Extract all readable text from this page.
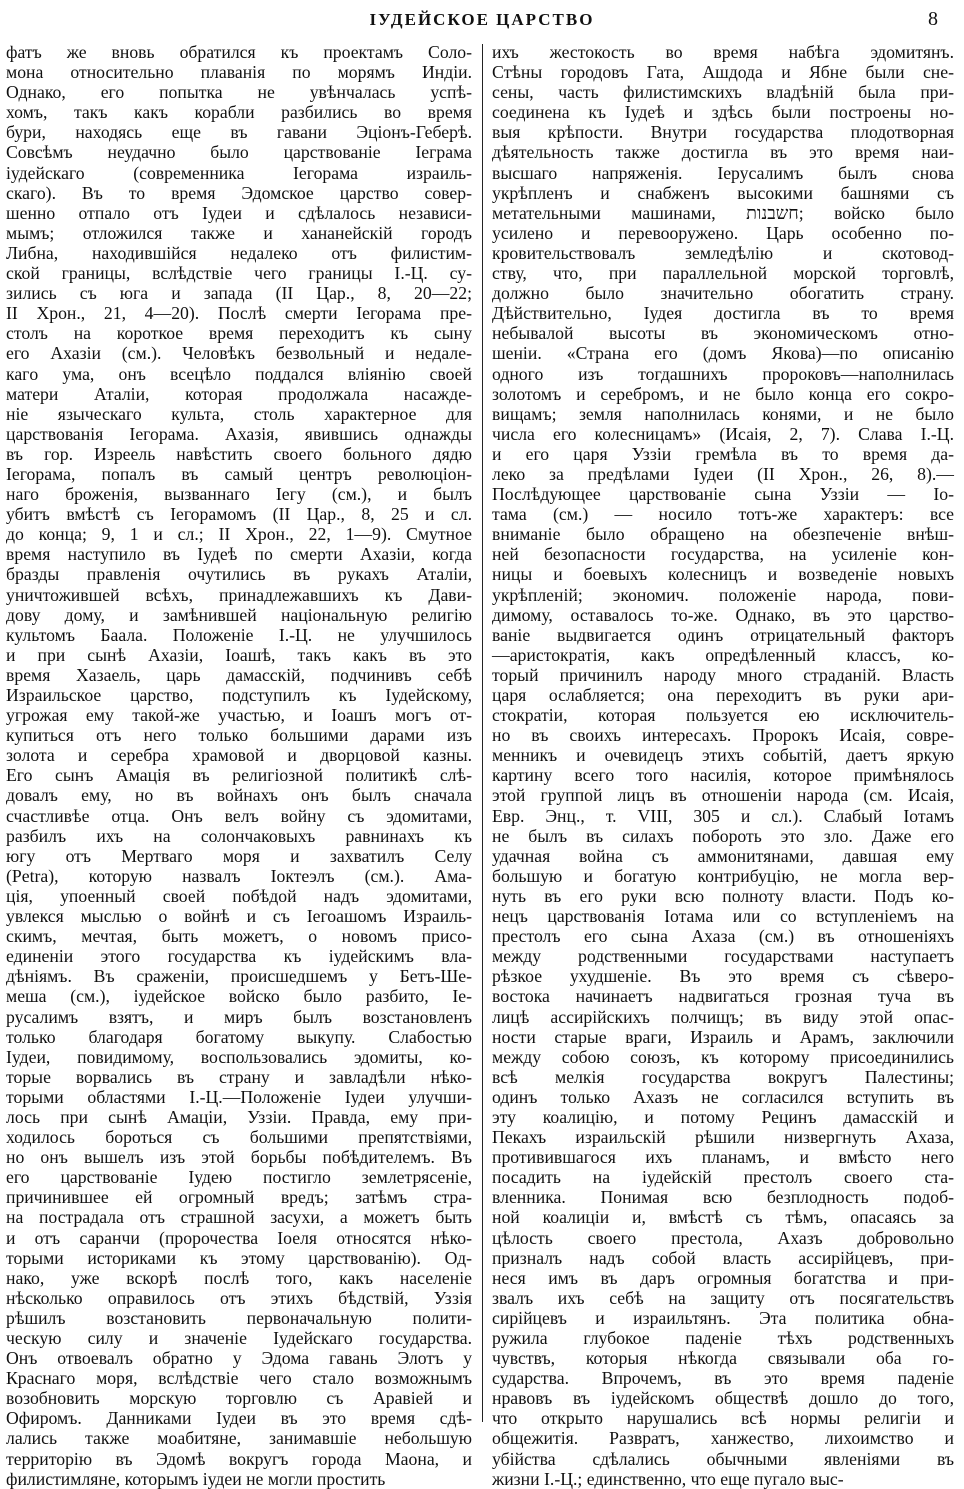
ІУДЕЙСКОЕ ЦАРСТВО	8
фатъ же вновь обратился къ проектамъ Соло-
мона относительно плаванія по морямъ Индіи.
Однако, его попытка не увѣнчалась успѣ-
хомъ, такъ какъ корабли разбились во время
бури, находясь еще въ гавани Эціонъ-Геберѣ.
Совсѣмъ неудачно было царствованіе Іеграма
іудейскаго (современника Іегорама израиль-
скаго). Въ то время Эдомское царство совер-
шенно отпало отъ Іудеи и сдѣлалось независи-
мымъ; отложился также и хананейскій городъ
Либна, находившійся недалеко отъ филистим-
ской границы, вслѣдствіе чего границы І.-Ц. су-
зились съ юга и запада (II Цар., 8, 20—22;
II Хрон., 21, 4—20). Послѣ смерти Іегорама пре-
столъ на короткое время переходитъ къ сыну
его Ахазіи (см.). Человѣкъ безвольный и недале-
кагo ума, онъ всецѣло поддался вліянію своей
матери Аталіи, которая продолжала насажде-
ніе языческаго культа, столь характерное для
царствованія Іегорама. Ахазія, явившись однажды
въ гор. Изреель навѣстить своего больного дядю
Іегорама, попалъ въ самый центръ революціон-
наго броженія, вызваннаго Іегу (см.), и былъ
убитъ вмѣстѣ съ Іегорамомъ (II Цар., 8, 25 и сл.
до конца; 9, 1 и сл.; II Хрон., 22, 1—9). Смутное
время наступило въ Іудеѣ по смерти Ахазіи, когда
бразды правленія очутились въ рукахъ Аталіи,
уничтожившей всѣхъ, принадлежавшихъ къ Дави-
дову дому, и замѣнившей національную религію
культомъ Баала. Положеніе І.-Ц. не улучшилось
и при сынѣ Ахазіи, Іоашѣ, такъ какъ въ это
время Хазаель, царь дамасскій, подчинивъ себѣ
Израильское царство, подступилъ къ Іудейскому,
угрожая ему такой-же участью, и Іоашъ могъ от-
купиться отъ него только большими дарами изъ
золота и серебра храмовой и дворцовой казны.
Его сынъ Амація въ религіозной политикѣ слѣ-
довалъ ему, но въ войнахъ онъ былъ сначала
счастливѣе отца. Онъ велъ войну съ эдомитами,
разбилъ ихъ на солончаковыхъ равнинахъ къ
югу отъ Мертваго моря и захватилъ Селу
(Petra), которую назвалъ Іоктеэлъ (см.). Ама-
ція, упоенный своей побѣдой надъ эдомитами,
увлекся мыслью о войнѣ и съ Іегоашомъ Израиль-
скимъ, мечтая, быть можетъ, о новомъ присо-
единеніи этого государства къ іудейскимъ вла-
дѣніямъ. Въ сраженіи, происшедшемъ у Бетъ-Ше-
меша (см.), іудейское войско было разбито, Іе-
русалимъ взятъ, и миръ былъ возстановленъ
только благодаря богатому выкупу. Слабостью
Іудеи, повидимому, воспользовались эдомиты, ко-
торые ворвались въ страну и завладѣли нѣко-
торыми областями І.-Ц.—Положеніе Іудеи улучши-
лось при сынѣ Амаціи, Уззіи. Правда, ему при-
ходилось бороться съ большими препятствіями,
но онъ вышелъ изъ этой борьбы побѣдителемъ. Въ
его царствованіе Іудею постигло землетрясеніе,
причинившее ей огромный вредъ; затѣмъ стра-
на пострадала отъ страшной засухи, а можетъ быть
и отъ саранчи (пророчества Іоеля относятся нѣко-
торыми историками къ этому царствованію). Од-
нако, уже вскорѣ послѣ того, какъ населеніе
нѣсколько оправилось отъ этихъ бѣдствій, Уззія
рѣшилъ возстановить первоначальную полити-
ческую силу и значеніе Іудейскаго государства.
Онъ отвоевалъ обратно у Эдома гавань Элотъ у
Краснаго моря, вслѣдствіе чего стало возможнымъ
возобновить морскую торговлю съ Аравіей и
Офиромъ. Данниками Іудеи въ это время сдѣ-
лались также моабитяне, занимавшіе небольшую
территорію въ Эдомѣ вокругъ города Маона, и
филистимляне, которымъ іудеи не могли простить
ихъ жестокость во время набѣга эдомитянъ.
Стѣны городовъ Гата, Ашдода и Ябне были сне-
сены, часть филистимскихъ владѣній была при-
соединена къ Іудеѣ и здѣсь были построены но-
выя крѣпости. Внутри государства плодотворная
дѣятельность также достигла въ это время наи-
высшаго напряженія. Іерусалимъ былъ снова
укрѣпленъ и снабженъ высокими башнями съ
метательными машинами, חשבנות; войско было
усилено и перевооружено. Царь особенно по-
кровительствовалъ земледѣлію и скотовод-
ству, что, при параллельной морской торговлѣ,
должно было значительно обогатить страну.
Дѣйствительно, Іудея достигла въ то время
небывалой высоты въ экономическомъ отно-
шеніи. «Страна его (домъ Якова)—по описанію
одного изъ тогдашнихъ пророковъ—наполнилась
золотомъ и серебромъ, и не было конца его сокро-
вищамъ; земля наполнилась конями, и не было
числа его колесницамъ» (Исаія, 2, 7). Слава І.-Ц.
и его царя Уззіи гремѣла въ то время да-
леко за предѣлами Іудеи (II Хрон., 26, 8).—
Послѣдующее царствованіе сына Уззіи — Іо-
тама (см.) — носило тотъ-же характеръ: все
вниманіе было обращено на обезпеченіе внѣш-
ней безопасности государства, на усиленіе кон-
ницы и боевыхъ колесницъ и возведеніе новыхъ
укрѣпленій; экономич. положеніе народа, пови-
димому, оставалось то-же. Однако, въ это царство-
ваніе выдвигается одинъ отрицательный факторъ
—аристократія, какъ опредѣленный классъ, ко-
торый причинилъ народу много страданій. Власть
царя ослабляется; она переходитъ въ руки ари-
стократіи, которая пользуется ею исключитель-
но въ своихъ интересахъ. Пророкъ Исаія, совре-
менникъ и очевидецъ этихъ событій, даетъ яркую
картину всего того насилія, которое примѣнялось
этой группой лицъ въ отношеніи народа (см. Исаія,
Евр. Энц., т. VIII, 305 и сл.). Слабый Іотамъ
не былъ въ силахъ побороть это зло. Даже его
удачная война съ аммонитянами, давшая ему
большую и богатую контрибуцію, не могла вер-
нуть въ его руки всю полноту власти. Подъ ко-
нецъ царствованія Іотама или со вступленіемъ на
престолъ его сына Ахаза (см.) въ отношеніяхъ
между родственными государствами наступаетъ
рѣзкое ухудшеніе. Въ это время съ сѣверо-
востока начинаетъ надвигаться грозная туча въ
лицѣ ассирійскихъ полчищъ; въ виду этой опас-
ности старые враги, Израиль и Арамъ, заключили
между собою союзъ, къ которому присоединились
всѣ мелкія государства вокругъ Палестины;
одинъ только Ахазъ не согласился вступить въ
эту коалицію, и потому Рецинъ дамасскій и
Пекахъ израильскій рѣшили низвергнуть Ахаза,
противившагося ихъ планамъ, и вмѣсто него
посадить на іудейскій престолъ своего ста-
вленника. Понимая всю безплодность подоб-
ной коалиціи и, вмѣстѣ съ тѣмъ, опасаясь за
цѣлость своего престола, Ахазъ добровольно
призналъ надъ собой власть ассирійцевъ, при-
неся имъ въ даръ огромныя богатства и при-
звалъ ихъ себѣ на защиту отъ посягательствъ
сирійцевъ и израильтянъ. Эта политика обна-
ружила глубокое паденіе тѣхъ родственныхъ
чувствъ, которыя нѣкогда связывали оба го-
сударства. Впрочемъ, въ это время паденіе
нравовъ въ іудейскомъ обществѣ дошло до того,
что открыто нарушались всѣ нормы религіи и
общежитія. Развратъ, ханжество, лихоимство и
убійства сдѣлались обычными явленіями въ
жизни І.-Ц.; единственно, что еще пугало выс-
